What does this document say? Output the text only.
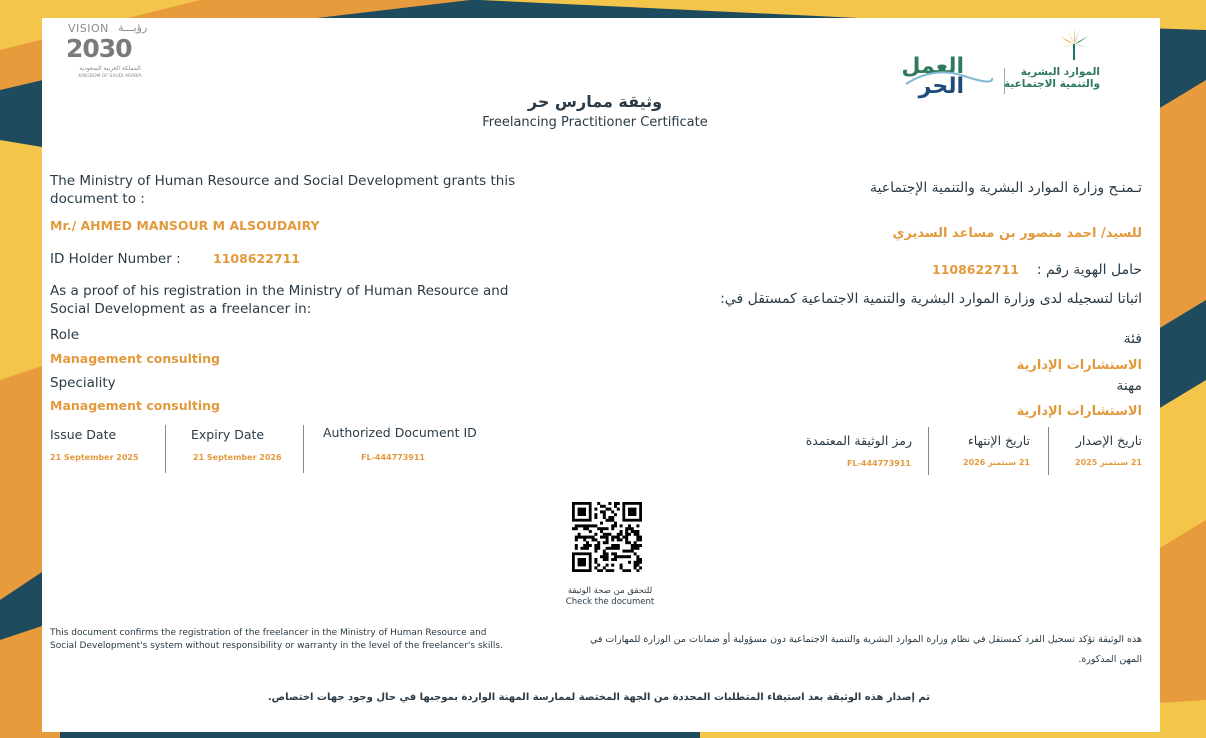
VISION رؤيـــة
2030
المملكة العربية السعودية
KINGDOM OF SAUDI ARABIA	العمل
الحر
الموارد البشرية
والتنمية الاجتماعية
وثيقة ممارس حر
Freelancing Practitioner Certificate
The Ministry of Human Resource and Social Development grants this document to :
Mr./ AHMED MANSOUR M ALSOUDAIRY
ID Holder Number :	1108622711
As a proof of his registration in the Ministry of Human Resource and Social Development as a freelancer in:
Role
Management consulting
Speciality
Management consulting
Issue Date
21 September 2025
Expiry Date
21 September 2026
Authorized Document ID
FL-444773911
تـمنـح وزارة الموارد البشرية والتنمية الإجتماعية
للسيد/ احمد منصور بن مساعد السديري
حامل الهوية رقم :
1108622711
اثباتا لتسجيله لدى وزارة الموارد البشرية والتنمية الاجتماعية كمستقل في:
فئة
الاستشارات الإدارية
مهنة
الاستشارات الإدارية
تاريخ الإصدار
21 سبتمبر 2025
تاريخ الإنتهاء
21 سبتمبر 2026
رمز الوثيقة المعتمدة
FL-444773911
للتحقق من صحة الوثيقة
Check the document
This document confirms the registration of the freelancer in the Ministry of Human Resource and Social Development's system without responsibility or warranty in the level of the freelancer's skills.
هذه الوثيقة تؤكد تسجيل الفرد كمستقل في نظام وزارة الموارد البشرية والتنمية الاجتماعية دون مسؤولية أو ضمانات من الوزارة للمهارات في المهن المذكورة.
تم إصدار هذه الوثيقة بعد استيفاء المتطلبات المحددة من الجهة المختصة لممارسة المهنة الواردة بموجبها في حال وجود جهات اختصاص.
